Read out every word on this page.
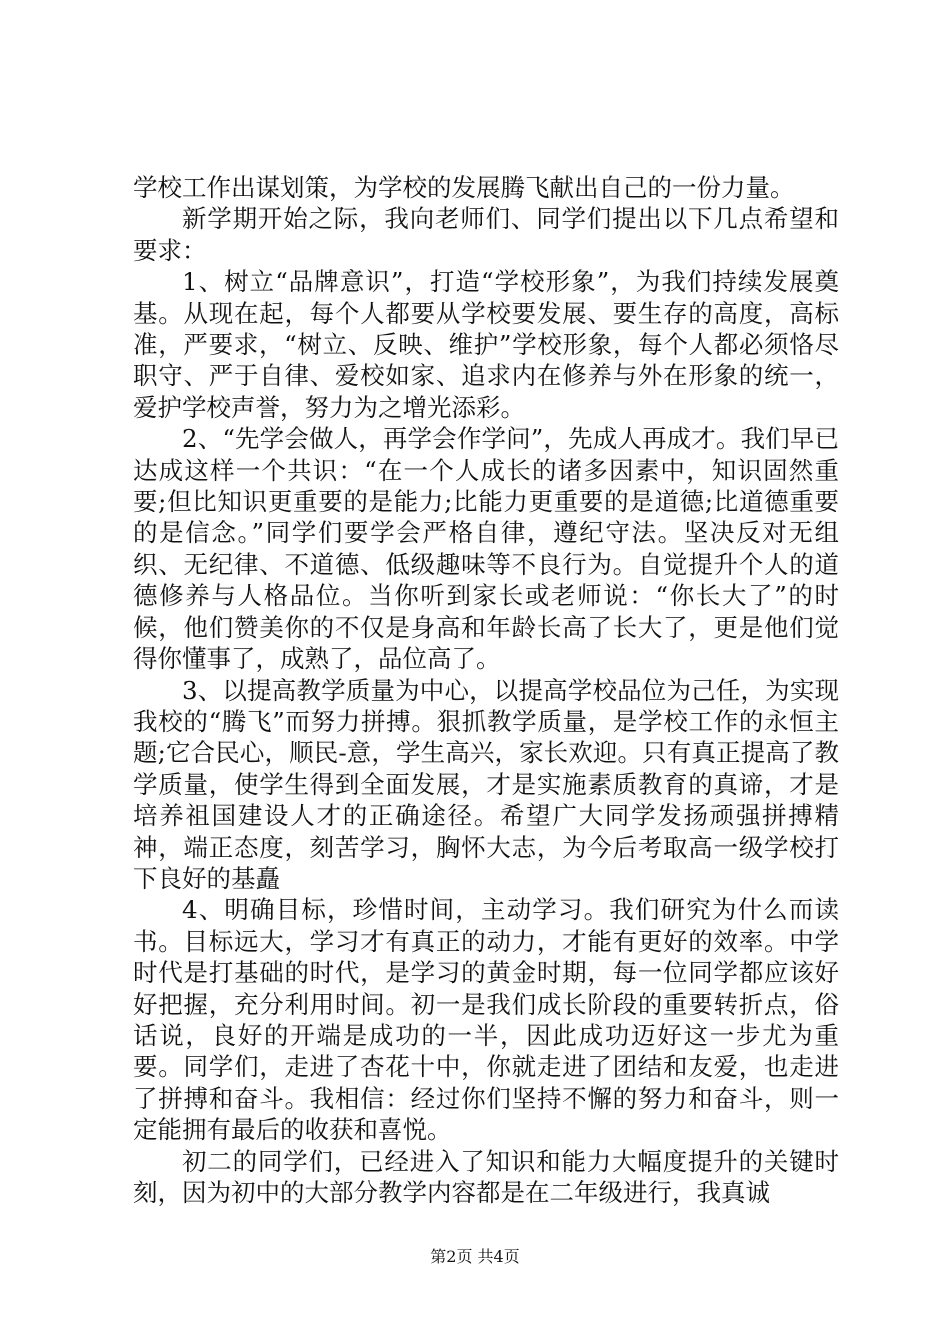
学校工作出谋划策，为学校的发展腾飞献出自己的一份力量。

新学期开始之际，我向老师们、同学们提出以下几点希望和要求：

1、树立“品牌意识”，打造“学校形象”，为我们持续发展奠基。从现在起，每个人都要从学校要发展、要生存的高度，高标准，严要求，“树立、反映、维护”学校形象，每个人都必须恪尽职守、严于自律、爱校如家、追求内在修养与外在形象的统一，爱护学校声誉，努力为之增光添彩。

2、“先学会做人，再学会作学问”，先成人再成才。我们早已达成这样一个共识：“在一个人成长的诸多因素中，知识固然重要;但比知识更重要的是能力;比能力更重要的是道德;比道德重要的是信念。”同学们要学会严格自律，遵纪守法。坚决反对无组织、无纪律、不道德、低级趣味等不良行为。自觉提升个人的道德修养与人格品位。当你听到家长或老师说：“你长大了”的时候，他们赞美你的不仅是身高和年龄长高了长大了，更是他们觉得你懂事了，成熟了，品位高了。

3、以提高教学质量为中心，以提高学校品位为己任，为实现我校的“腾飞”而努力拼搏。狠抓教学质量，是学校工作的永恒主题;它合民心，顺民-意，学生高兴，家长欢迎。只有真正提高了教学质量，使学生得到全面发展，才是实施素质教育的真谛，才是培养祖国建设人才的正确途径。希望广大同学发扬顽强拼搏精神，端正态度，刻苦学习，胸怀大志，为今后考取高一级学校打下良好的基矗

4、明确目标，珍惜时间，主动学习。我们研究为什么而读书。目标远大，学习才有真正的动力，才能有更好的效率。中学时代是打基础的时代，是学习的黄金时期，每一位同学都应该好好把握，充分利用时间。初一是我们成长阶段的重要转折点，俗话说，良好的开端是成功的一半，因此成功迈好这一步尤为重要。同学们，走进了杏花十中，你就走进了团结和友爱，也走进了拼搏和奋斗。我相信：经过你们坚持不懈的努力和奋斗，则一定能拥有最后的收获和喜悦。

初二的同学们，已经进入了知识和能力大幅度提升的关键时刻，因为初中的大部分教学内容都是在二年级进行，我真诚

第2页 共4页
